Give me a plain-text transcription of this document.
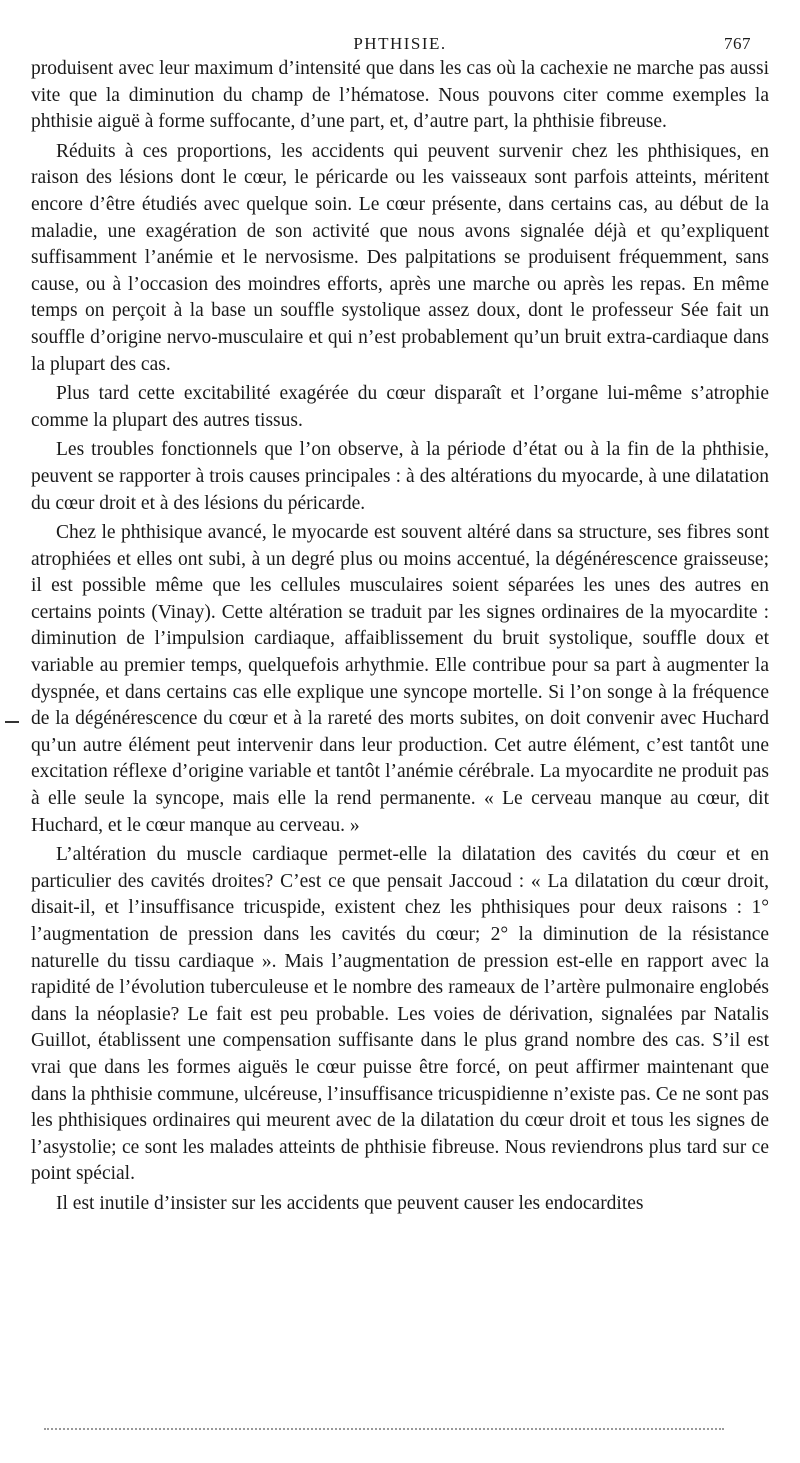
PHTHISIE.	767

produisent avec leur maximum d’intensité que dans les cas où la cachexie ne marche pas aussi vite que la diminution du champ de l’hématose. Nous pouvons citer comme exemples la phthisie aiguë à forme suffocante, d’une part, et, d’autre part, la phthisie fibreuse.

Réduits à ces proportions, les accidents qui peuvent survenir chez les phthisiques, en raison des lésions dont le cœur, le péricarde ou les vaisseaux sont parfois atteints, méritent encore d’être étudiés avec quelque soin. Le cœur présente, dans certains cas, au début de la maladie, une exagération de son activité que nous avons signalée déjà et qu’expliquent suffisamment l’anémie et le nervosisme. Des palpitations se produisent fréquemment, sans cause, ou à l’occasion des moindres efforts, après une marche ou après les repas. En même temps on perçoit à la base un souffle systolique assez doux, dont le professeur Sée fait un souffle d’origine nervo-musculaire et qui n’est probablement qu’un bruit extra-cardiaque dans la plupart des cas.

Plus tard cette excitabilité exagérée du cœur disparaît et l’organe lui-même s’atrophie comme la plupart des autres tissus.

Les troubles fonctionnels que l’on observe, à la période d’état ou à la fin de la phthisie, peuvent se rapporter à trois causes principales : à des altérations du myocarde, à une dilatation du cœur droit et à des lésions du péricarde.

Chez le phthisique avancé, le myocarde est souvent altéré dans sa structure, ses fibres sont atrophiées et elles ont subi, à un degré plus ou moins accentué, la dégénérescence graisseuse; il est possible même que les cellules musculaires soient séparées les unes des autres en certains points (Vinay). Cette altération se traduit par les signes ordinaires de la myocardite : diminution de l’impulsion cardiaque, affaiblissement du bruit systolique, souffle doux et variable au premier temps, quelquefois arhythmie. Elle contribue pour sa part à augmenter la dyspnée, et dans certains cas elle explique une syncope mortelle. Si l’on songe à la fréquence de la dégénérescence du cœur et à la rareté des morts subites, on doit convenir avec Huchard qu’un autre élément peut intervenir dans leur production. Cet autre élément, c’est tantôt une excitation réflexe d’origine variable et tantôt l’anémie cérébrale. La myocardite ne produit pas à elle seule la syncope, mais elle la rend permanente. « Le cerveau manque au cœur, dit Huchard, et le cœur manque au cerveau. »

L’altération du muscle cardiaque permet-elle la dilatation des cavités du cœur et en particulier des cavités droites? C’est ce que pensait Jaccoud : « La dilatation du cœur droit, disait-il, et l’insuffisance tricuspide, existent chez les phthisiques pour deux raisons : 1° l’augmentation de pression dans les cavités du cœur; 2° la diminution de la résistance naturelle du tissu cardiaque ». Mais l’augmentation de pression est-elle en rapport avec la rapidité de l’évolution tuberculeuse et le nombre des rameaux de l’artère pulmonaire englobés dans la néoplasie? Le fait est peu probable. Les voies de dérivation, signalées par Natalis Guillot, établissent une compensation suffisante dans le plus grand nombre des cas. S’il est vrai que dans les formes aiguës le cœur puisse être forcé, on peut affirmer maintenant que dans la phthisie commune, ulcéreuse, l’insuffisance tricuspidienne n’existe pas. Ce ne sont pas les phthisiques ordinaires qui meurent avec de la dilatation du cœur droit et tous les signes de l’asystolie; ce sont les malades atteints de phthisie fibreuse. Nous reviendrons plus tard sur ce point spécial.

Il est inutile d’insister sur les accidents que peuvent causer les endocardites
